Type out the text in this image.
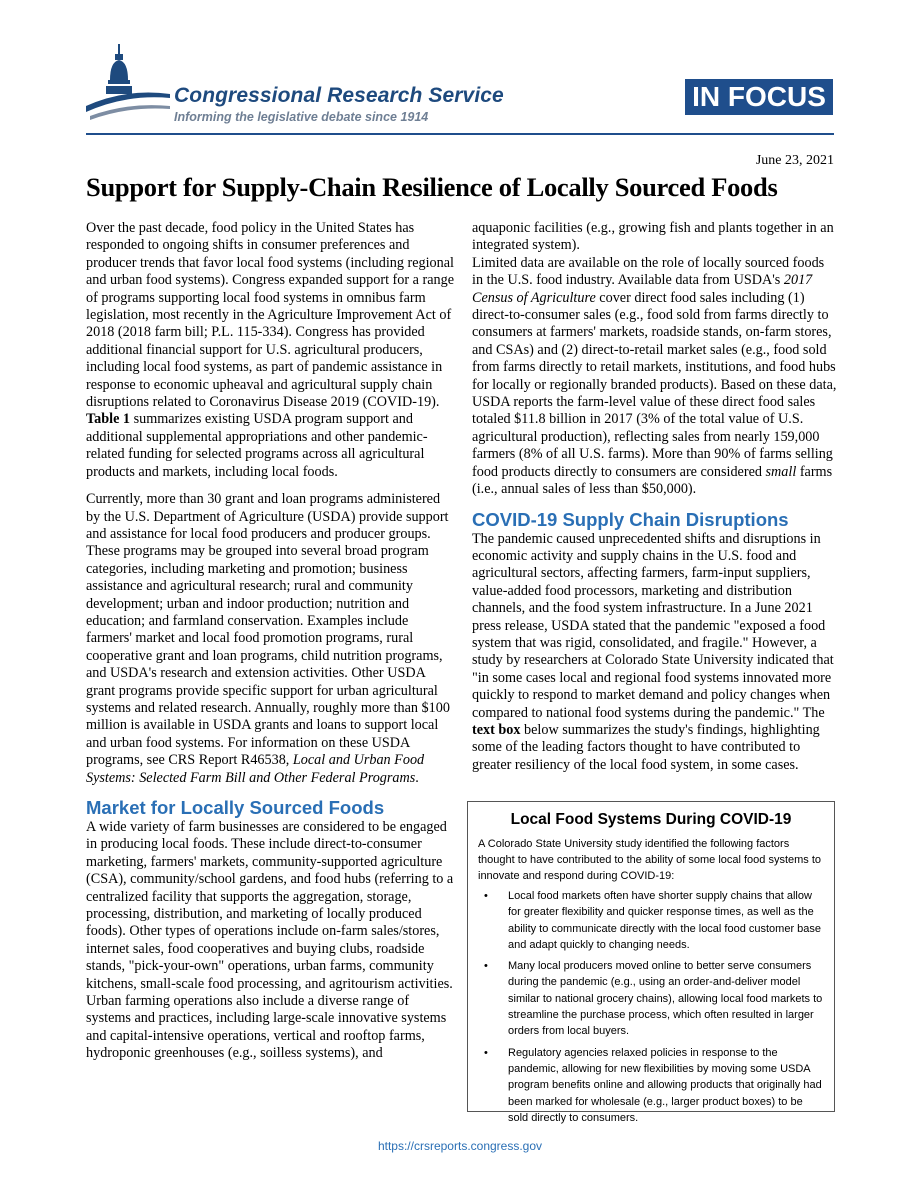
Congressional Research Service
Informing the legislative debate since 1914
IN FOCUS
June 23, 2021
Support for Supply-Chain Resilience of Locally Sourced Foods

Over the past decade, food policy in the United States has responded to ongoing shifts in consumer preferences and producer trends that favor local food systems (including regional and urban food systems). Congress expanded support for a range of programs supporting local food systems in omnibus farm legislation, most recently in the Agriculture Improvement Act of 2018 (2018 farm bill; P.L. 115-334). Congress has provided additional financial support for U.S. agricultural producers, including local food systems, as part of pandemic assistance in response to economic upheaval and agricultural supply chain disruptions related to Coronavirus Disease 2019 (COVID-19). Table 1 summarizes existing USDA program support and additional supplemental appropriations and other pandemic-related funding for selected programs across all agricultural products and markets, including local foods.

Currently, more than 30 grant and loan programs administered by the U.S. Department of Agriculture (USDA) provide support and assistance for local food producers and producer groups. These programs may be grouped into several broad program categories, including marketing and promotion; business assistance and agricultural research; rural and community development; urban and indoor production; nutrition and education; and farmland conservation. Examples include farmers' market and local food promotion programs, rural cooperative grant and loan programs, child nutrition programs, and USDA's research and extension activities. Other USDA grant programs provide specific support for urban agricultural systems and related research. Annually, roughly more than $100 million is available in USDA grants and loans to support local and urban food systems. For information on these USDA programs, see CRS Report R46538, Local and Urban Food Systems: Selected Farm Bill and Other Federal Programs.

Market for Locally Sourced Foods

A wide variety of farm businesses are considered to be engaged in producing local foods. These include direct-to-consumer marketing, farmers' markets, community-supported agriculture (CSA), community/school gardens, and food hubs (referring to a centralized facility that supports the aggregation, storage, processing, distribution, and marketing of locally produced foods). Other types of operations include on-farm sales/stores, internet sales, food cooperatives and buying clubs, roadside stands, "pick-your-own" operations, urban farms, community kitchens, small-scale food processing, and agritourism activities. Urban farming operations also include a diverse range of systems and practices, including large-scale innovative systems and capital-intensive operations, vertical and rooftop farms, hydroponic greenhouses (e.g., soilless systems), and

aquaponic facilities (e.g., growing fish and plants together in an integrated system).

Limited data are available on the role of locally sourced foods in the U.S. food industry. Available data from USDA's 2017 Census of Agriculture cover direct food sales including (1) direct-to-consumer sales (e.g., food sold from farms directly to consumers at farmers' markets, roadside stands, on-farm stores, and CSAs) and (2) direct-to-retail market sales (e.g., food sold from farms directly to retail markets, institutions, and food hubs for locally or regionally branded products). Based on these data, USDA reports the farm-level value of these direct food sales totaled $11.8 billion in 2017 (3% of the total value of U.S. agricultural production), reflecting sales from nearly 159,000 farmers (8% of all U.S. farms). More than 90% of farms selling food products directly to consumers are considered small farms (i.e., annual sales of less than $50,000).

COVID-19 Supply Chain Disruptions

The pandemic caused unprecedented shifts and disruptions in economic activity and supply chains in the U.S. food and agricultural sectors, affecting farmers, farm-input suppliers, value-added food processors, marketing and distribution channels, and the food system infrastructure. In a June 2021 press release, USDA stated that the pandemic "exposed a food system that was rigid, consolidated, and fragile." However, a study by researchers at Colorado State University indicated that "in some cases local and regional food systems innovated more quickly to respond to market demand and policy changes when compared to national food systems during the pandemic." The text box below summarizes the study's findings, highlighting some of the leading factors thought to have contributed to greater resiliency of the local food system, in some cases.

Local Food Systems During COVID-19

A Colorado State University study identified the following factors thought to have contributed to the ability of some local food systems to innovate and respond during COVID-19:

• Local food markets often have shorter supply chains that allow for greater flexibility and quicker response times, as well as the ability to communicate directly with the local food customer base and adapt quickly to changing needs.
• Many local producers moved online to better serve consumers during the pandemic (e.g., using an order-and-deliver model similar to national grocery chains), allowing local food markets to streamline the purchase process, which often resulted in larger orders from local buyers.
• Regulatory agencies relaxed policies in response to the pandemic, allowing for new flexibilities by moving some USDA program benefits online and allowing products that originally had been marked for wholesale (e.g., larger product boxes) to be sold directly to consumers.
https://crsreports.congress.gov
